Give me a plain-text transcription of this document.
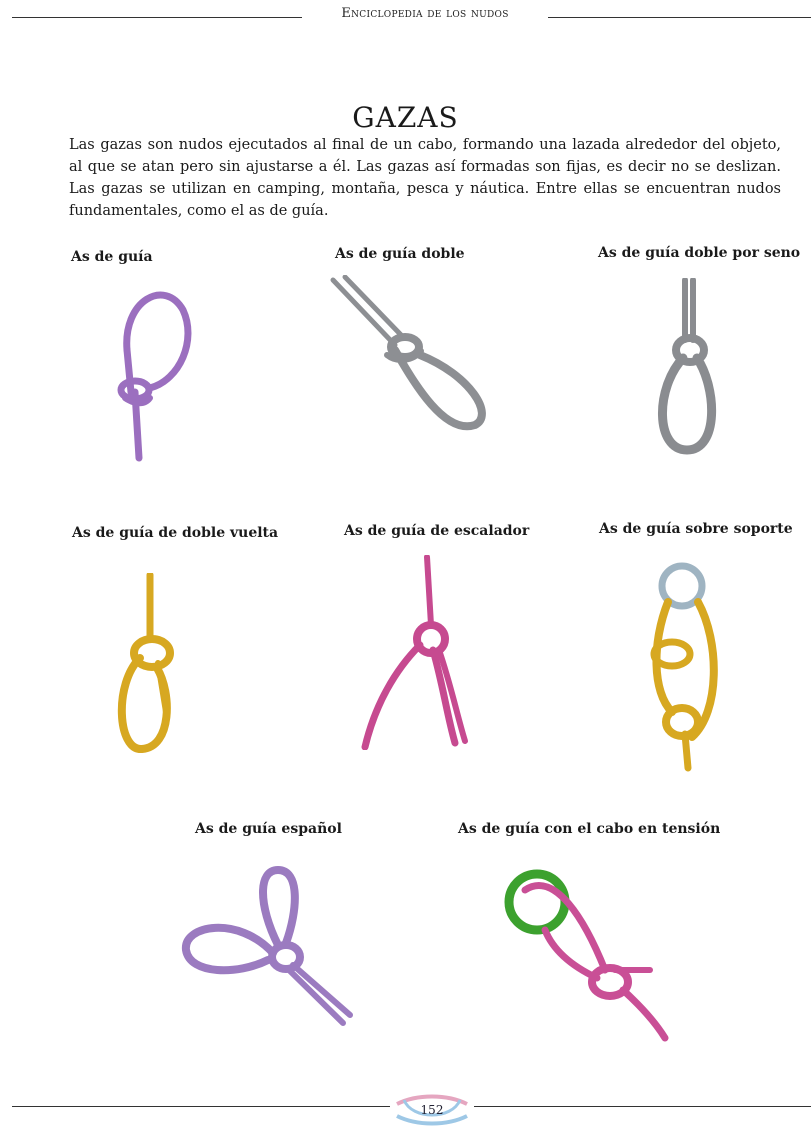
Enciclopedia de los nudos
GAZAS

Las gazas son nudos ejecutados al final de un cabo, formando una lazada alrededor del objeto, al que se atan pero sin ajustarse a él. Las gazas así formadas son fijas, es decir no se deslizan. Las gazas se utilizan en camping, montaña, pesca y náutica. Entre ellas se encuentran nudos fundamentales, como el as de guía.

As de guía	As de guía doble	As de guía doble por seno
As de guía de doble vuelta	As de guía de escalador	As de guía sobre soporte
As de guía español	As de guía con el cabo en tensión
152
